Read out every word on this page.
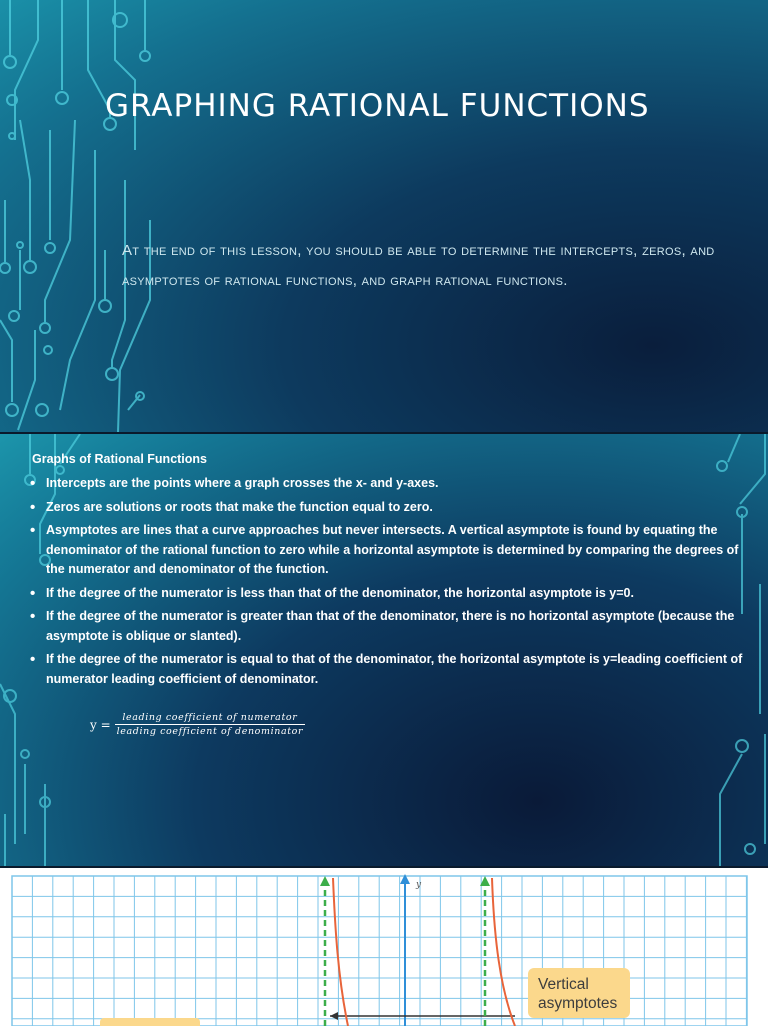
GRAPHING RATIONAL FUNCTIONS

At the end of this lesson, you should be able to determine the intercepts, zeros, and asymptotes of rational functions, and graph rational functions.

Graphs of Rational Functions

• Intercepts are the points where a graph crosses the x- and y-axes.
• Zeros are solutions or roots that make the function equal to zero.
• Asymptotes are lines that a curve approaches but never intersects. A vertical asymptote is found by equating the denominator of the rational function to zero while a horizontal asymptote is determined by comparing the degrees of the numerator and denominator of the function.
• If the degree of the numerator is less than that of the denominator, the horizontal asymptote is y=0.
• If the degree of the numerator is greater than that of the denominator, there is no horizontal asymptote (because the asymptote is oblique or slanted).
• If the degree of the numerator is equal to that of the denominator, the horizontal asymptote is y=leading coefficient of numerator leading coefficient of denominator.
$y = \frac{\text{leading coefficient of numerator}}{\text{leading coefficient of denominator}}$
y
Vertical asymptotes
